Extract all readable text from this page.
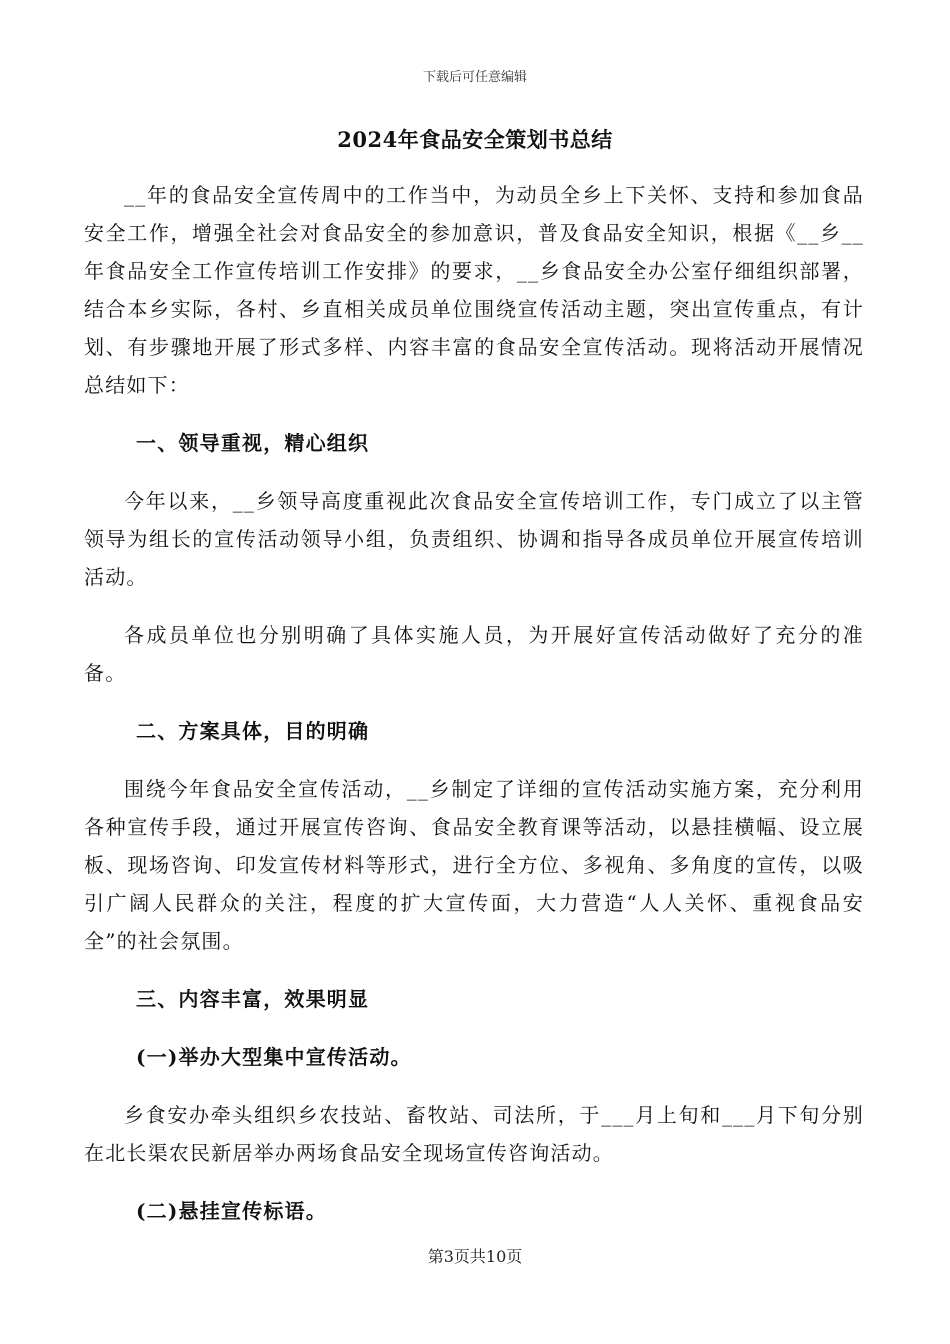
下载后可任意编辑
2024年食品安全策划书总结

__年的食品安全宣传周中的工作当中，为动员全乡上下关怀、支持和参加食品安全工作，增强全社会对食品安全的参加意识，普及食品安全知识，根据《__乡__年食品安全工作宣传培训工作安排》的要求，__乡食品安全办公室仔细组织部署，结合本乡实际，各村、乡直相关成员单位围绕宣传活动主题，突出宣传重点，有计划、有步骤地开展了形式多样、内容丰富的食品安全宣传活动。现将活动开展情况总结如下：

一、领导重视，精心组织

今年以来，__乡领导高度重视此次食品安全宣传培训工作，专门成立了以主管领导为组长的宣传活动领导小组，负责组织、协调和指导各成员单位开展宣传培训活动。

各成员单位也分别明确了具体实施人员，为开展好宣传活动做好了充分的准备。

二、方案具体，目的明确

围绕今年食品安全宣传活动，__乡制定了详细的宣传活动实施方案，充分利用各种宣传手段，通过开展宣传咨询、食品安全教育课等活动，以悬挂横幅、设立展板、现场咨询、印发宣传材料等形式，进行全方位、多视角、多角度的宣传，以吸引广阔人民群众的关注，程度的扩大宣传面，大力营造“人人关怀、重视食品安全”的社会氛围。

三、内容丰富，效果明显

(一)举办大型集中宣传活动。

乡食安办牵头组织乡农技站、畜牧站、司法所，于___月上旬和___月下旬分别在北长渠农民新居举办两场食品安全现场宣传咨询活动。

(二)悬挂宣传标语。

第3页共10页
